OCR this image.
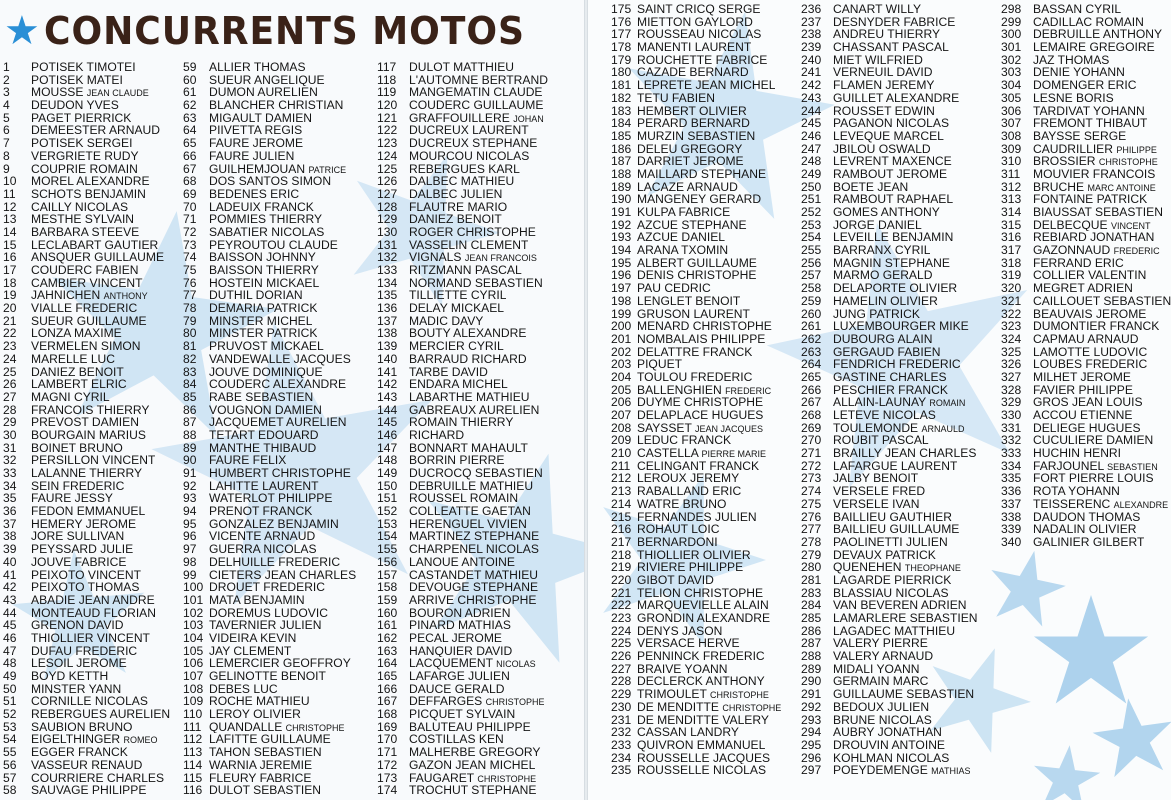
★ CONCURRENTS MOTOS
1	POTISEK TIMOTEI
2	POTISEK MATEI
3	MOUSSE JEAN CLAUDE
4	DEUDON YVES
5	PAGET PIERRICK
6	DEMEESTER ARNAUD
7	POTISEK SERGEI
8	VERGRIETE RUDY
9	COUPRIE ROMAIN
10	MOREL ALEXANDRE
11	SCHOTS BENJAMIN
12	CAILLY NICOLAS
13	MESTHE SYLVAIN
14	BARBARA STEEVE
15	LECLABART GAUTIER
16	ANSQUER GUILLAUME
17	COUDERC FABIEN
18	CAMBIER VINCENT
19	JAHNICHEN ANTHONY
20	VIALLE FREDERIC
21	SUEUR GUILLAUME
22	LONZA MAXIME
23	VERMELEN SIMON
24	MARELLE LUC
25	DANIEZ BENOIT
26	LAMBERT ELRIC
27	MAGNI CYRIL
28	FRANCOIS THIERRY
29	PREVOST DAMIEN
30	BOURGAIN MARIUS
31	BOINET BRUNO
32	PERSILLON VINCENT
33	LALANNE THIERRY
34	SEIN FREDERIC
35	FAURE JESSY
36	FEDON EMMANUEL
37	HEMERY JEROME
38	JORE SULLIVAN
39	PEYSSARD JULIE
40	JOUVE FABRICE
41	PEIXOTO VINCENT
42	PEIXOTO THOMAS
43	ABADIE JEAN ANDRE
44	MONTEAUD FLORIAN
45	GRENON DAVID
46	THIOLLIER VINCENT
47	DUFAU FREDERIC
48	LESOIL JEROME
49	BOYD KETTH
50	MINSTER YANN
51	CORNILLE NICOLAS
52	REBERGUES AURELIEN
53	SAUBION BRUNO
54	EIGELTHINGER ROMEO
55	EGGER FRANCK
56	VASSEUR RENAUD
57	COURRIERE CHARLES
58	SAUVAGE PHILIPPE
59	ALLIER THOMAS
60	SUEUR ANGELIQUE
61	DUMON AURELIEN
62	BLANCHER CHRISTIAN
63	MIGAULT DAMIEN
64	PIIVETTA REGIS
65	FAURE JEROME
66	FAURE JULIEN
67	GUILHEMJOUAN PATRICE
68	DOS SANTOS SIMON
69	BEDENES ERIC
70	LADEUIX FRANCK
71	POMMIES THIERRY
72	SABATIER NICOLAS
73	PEYROUTOU CLAUDE
74	BAISSON JOHNNY
75	BAISSON THIERRY
76	HOSTEIN MICKAEL
77	DUTHIL DORIAN
78	DEMARIA PATRICK
79	MINSTER MICHEL
80	MINSTER PATRICK
81	PRUVOST MICKAEL
82	VANDEWALLE JACQUES
83	JOUVE DOMINIQUE
84	COUDERC ALEXANDRE
85	RABE SEBASTIEN
86	VOUGNON DAMIEN
87	JACQUEMET AURELIEN
88	TETART EDOUARD
89	MANTHE THIBAUD
90	FAURE FELIX
91	HUMBERT CHRISTOPHE
92	LAHITTE LAURENT
93	WATERLOT PHILIPPE
94	PRENOT FRANCK
95	GONZALEZ BENJAMIN
96	VICENTE ARNAUD
97	GUERRA NICOLAS
98	DELHUILLE FREDERIC
99	CIETERS JEAN CHARLES
100 DROUET FREDERIC
101 MATA BENJAMIN
102 DOREMUS LUDOVIC
103 TAVERNIER JULIEN
104 VIDEIRA KEVIN
105 JAY CLEMENT
106 LEMERCIER GEOFFROY
107 GELINOTTE BENOIT
108 DEBES LUC
109 ROCHE MATHIEU
110 LEROY OLIVIER
111 QUANDALLE CHRISTOPHE
112 LAFITTE GUILLAUME
113 TAHON SEBASTIEN
114 WARNIA JEREMIE
115 FLEURY FABRICE
116 DULOT SEBASTIEN
117	DULOT MATTHIEU
118	L'AUTOMNE BERTRAND
119	MANGEMATIN CLAUDE
120 COUDERC GUILLAUME
121 GRAFFOUILLERE JOHAN
122 DUCREUX LAURENT
123 DUCREUX STEPHANE
124 MOURCOU NICOLAS
125 REBERGUES KARL
126 DALBEC MATHIEU
127 DALBEC JULIEN
128 FLAUTRE MARIO
129 DANIEZ BENOIT
130 ROGER CHRISTOPHE
131 VASSELIN CLEMENT
132 VIGNALS JEAN FRANCOIS
133 RITZMANN PASCAL
134 NORMAND SEBASTIEN
135 TILLIETTE CYRIL
136 DELAY MICKAEL
137 MADIC DAVY
138 BOUTY ALEXANDRE
139 MERCIER CYRIL
140 BARRAUD RICHARD
141 TARBE DAVID
142 ENDARA MICHEL
143 LABARTHE MATHIEU
144 GABREAUX AURELIEN
145 ROMAIN THIERRY
146 RICHARD
147 BONNART MAHAULT
148 BORRIN PIERRE
149 DUCROCQ SEBASTIEN
150 DEBRUILLE MATHIEU
151 ROUSSEL ROMAIN
152 COLLEATTE GAETAN
153 HERENGUEL VIVIEN
154 MARTINEZ STEPHANE
155 CHARPENEL NICOLAS
156 LANOUE ANTOINE
157 CASTANDET MATHIEU
158 DEVOUGE STEPHANE
159 ARRIVE CHRISTOPHE
160 BOURON ADRIEN
161 PINARD MATHIAS
162 PECAL JEROME
163 HANQUIER DAVID
164 LACQUEMENT NICOLAS
165 LAFARGE JULIEN
166 DAUCE GERALD
167 DEFFARGES CHRISTOPHE
168 PICQUET SYLVAIN
169 BALUTEAU PHILIPPE
170 COSTILLAS KEN
171 MALHERBE GREGORY
172 GAZON JEAN MICHEL
173 FAUGARET CHRISTOPHE
174 TROCHUT STEPHANE
175 SAINT CRICQ SERGE
176 MIETTON GAYLORD
177 ROUSSEAU NICOLAS
178 MANENTI LAURENT
179 ROUCHETTE FABRICE
180 CAZADE BERNARD
181 LEPRETE JEAN MICHEL
182 TETU FABIEN
183 HEMBERT OLIVIER
184 PERARD BERNARD
185 MURZIN SEBASTIEN
186 DELEU GREGORY
187 DARRIET JEROME
188 MAILLARD STEPHANE
189 LACAZE ARNAUD
190 MANGENEY GERARD
191 KULPA FABRICE
192 AZCUE STEPHANE
193 AZCUE DANIEL
194 ARANA TXOMIN
195 ALBERT GUILLAUME
196 DENIS CHRISTOPHE
197 PAU CEDRIC
198 LENGLET BENOIT
199 GRUSON LAURENT
200 MENARD CHRISTOPHE
201 NOMBALAIS PHILIPPE
202 DELATTRE FRANCK
203 PIQUET
204 TOULOU FREDERIC
205 BALLENGHIEN FREDERIC
206 DUYME CHRISTOPHE
207 DELAPLACE HUGUES
208 SAYSSET JEAN JACQUES
209 LEDUC FRANCK
210 CASTELLA PIERRE MARIE
211 CELINGANT FRANCK
212 LEROUX JEREMY
213 RABALLAND ERIC
214 WATRE BRUNO
215 FERNANDES JULIEN
216 ROHAUT LOIC
217 BERNARDONI
218 THIOLLIER OLIVIER
219 RIVIERE PHILIPPE
220 GIBOT DAVID
221 TELION CHRISTOPHE
222 MARQUEVIELLE ALAIN
223 GRONDIN ALEXANDRE
224 DENYS JASON
225 VERSACE HERVE
226 PENNINCK FREDERIC
227 BRAIVE YOANN
228 DECLERCK ANTHONY
229 TRIMOULET CHRISTOPHE
230 DE MENDITTE CHRISTOPHE
231 DE MENDITTE VALERY
232 CASSAN LANDRY
233 QUIVRON EMMANUEL
234 ROUSSELLE JACQUES
235 ROUSSELLE NICOLAS
236 CANART WILLY
237 DESNYDER FABRICE
238 ANDREU THIERRY
239 CHASSANT PASCAL
240 MIET WILFRIED
241 VERNEUIL DAVID
242 FLAMEN JEREMY
243 GUILLET ALEXANDRE
244 ROUSSET EDWIN
245 PAGANON NICOLAS
246 LEVEQUE MARCEL
247 JBILOU OSWALD
248 LEVRENT MAXENCE
249 RAMBOUT JEROME
250 BOETE JEAN
251 RAMBOUT RAPHAEL
252 GOMES ANTHONY
253 JORGE DANIEL
254 LEVEILLE BENJAMIN
255 BARRANX CYRIL
256 MAGNIN STEPHANE
257 MARMO GERALD
258 DELAPORTE OLIVIER
259 HAMELIN OLIVIER
260 JUNG PATRICK
261 LUXEMBOURGER MIKE
262 DUBOURG ALAIN
263 GERGAUD FABIEN
264 FENDRICH FREDERIC
265 GASTINE CHARLES
266 PESCHIER FRANCK
267 ALLAIN-LAUNAY ROMAIN
268 LETEVE NICOLAS
269 TOULEMONDE ARNAULD
270 ROUBIT PASCAL
271 BRAILLY JEAN CHARLES
272 LAFARGUE LAURENT
273 JALBY BENOIT
274 VERSELE FRED
275 VERSELE IVAN
276 BAILLIEU GAUTHIER
277 BAILLIEU GUILLAUME
278 PAOLINETTI JULIEN
279 DEVAUX PATRICK
280 QUENEHEN THEOPHANE
281 LAGARDE PIERRICK
283 BLASSIAU NICOLAS
284 VAN BEVEREN ADRIEN
285 LAMARLERE SEBASTIEN
286 LAGADEC MATTHIEU
287 VALERY PIERRE
288 VALERY ARNAUD
289 MIDALI YOANN
290 GERMAIN MARC
291 GUILLAUME SEBASTIEN
292 BEDOUX JULIEN
293 BRUNE NICOLAS
294 AUBRY JONATHAN
295 DROUVIN ANTOINE
296 KOHLMAN NICOLAS
297 POEYDEMENGE MATHIAS
298 BASSAN CYRIL
299 CADILLAC ROMAIN
300 DEBRUILLE ANTHONY
301 LEMAIRE GREGOIRE
302 JAZ THOMAS
303 DENIE YOHANN
304 DOMENGER ERIC
305 LESNE BORIS
306 TARDIVAT YOHANN
307 FREMONT THIBAUT
308 BAYSSE SERGE
309 CAUDRILLIER PHILIPPE
310 BROSSIER CHRISTOPHE
311	MOUVIER FRANCOIS
312 BRUCHE MARC ANTOINE
313 FONTAINE PATRICK
314 BIAUSSAT SEBASTIEN
315 DELBECQUE VINCENT
316 REBIARD JONATHAN
317 GAZONNAUD FREDERIC
318 FERRAND ERIC
319 COLLIER VALENTIN
320 MEGRET ADRIEN
321 CAILLOUET SEBASTIEN
322 BEAUVAIS JEROME
323 DUMONTIER FRANCK
324 CAPMAU ARNAUD
325 LAMOTTE LUDOVIC
326 LOUBES FREDERIC
327 MILHET JEROME
328 FAVIER PHILIPPE
329 GROS JEAN LOUIS
330 ACCOU ETIENNE
331 DELIEGE HUGUES
332 CUCULIERE DAMIEN
333 HUCHIN HENRI
334 FARJOUNEL SEBASTIEN
335 FORT PIERRE LOUIS
336 ROTA YOHANN
337 TEISSERENC ALEXANDRE
338 DAUDON THOMAS
339 NADALIN OLIVIER
340 GALINIER GILBERT
